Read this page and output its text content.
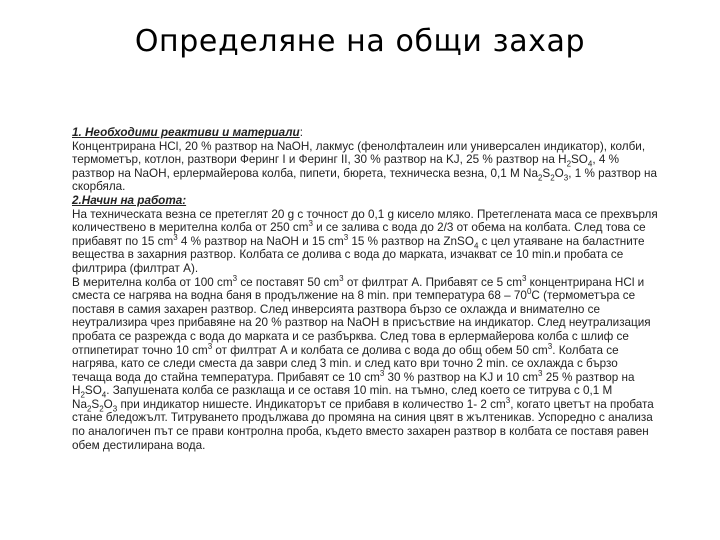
Определяне на общи захар

1. Необходими реактиви и материали:
Концентрирана HCl, 20 % разтвор на NaOH, лакмус (фенолфталеин или универсален индикатор), колби, термометър, котлон, разтвори Феринг I и Феринг II, 30 % разтвор на KJ, 25 % разтвор на $H_2SO_4$, 4 % разтвор на NaOH, ерлермайерова колба, пипети, бюрета, техническа везна, 0,1 M $Na_2S_2O_3$, 1 % разтвор на скорбяла.

2.Начин на работа:

На техническата везна се претеглят 20 g с точност до 0,1 g кисело мляко. Претеглената маса се прехвърля количествено в мерителна колба от 250 $cm^3$ и се залива с вода до 2/3 от обема на колбата. След това се прибавят по 15 $cm^3$ 4 % разтвор на NaOH и 15 $cm^3$ 15 % разтвор на ZnSO$_4$ с цел утаяване на баластните вещества в захарния разтвор. Колбата се долива с вода до марката, изчакват се 10 min.и пробата се филтрира (филтрат А).

В мерителна колба от 100 $cm^3$ се поставят 50 $cm^3$ от филтрат А. Прибавят се 5 $cm^3$ концентрирана HCl и сместа се нагрява на водна баня в продължение на 8 min. при температура $68 - 70^0С$ (термометъра се поставя в самия захарен разтвор. След инверсията разтвора бързо се охлажда и внимателно се неутрализира чрез прибавяне на 20 % разтвор на NaOH в присъствие на индикатор. След неутрализация пробата се разрежда с вода до марката и се разбърква. След това в ерлермайерова колба с шлиф се отпипетират точно 10 $cm^3$ от филтрат А и колбата се долива с вода до общ обем 50 $cm^3$. Колбата се нагрява, като се следи сместа да заври след 3 min. и след като ври точно 2 min. се охлажда с бързо течаща вода до стайна температура. Прибавят се 10 $cm^3$ 30 % разтвор на KJ и 10 $cm^3$ 25 % разтвор на $H_2SO_4$. Запушената колба се разклаща и се оставя 10 min. на тъмно, след което се титрува с 0,1 M $Na_2S_2O_3$ при индикатор нишесте. Индикаторът се прибавя в количество 1- 2 $cm^3$, когато цветът на пробата стане бледожълт. Титруването продължава до промяна на синия цвят в жълтеникав. Успоредно с анализа по аналогичен път се прави контролна проба, където вместо захарен разтвор в колбата се поставя равен обем дестилирана вода.
